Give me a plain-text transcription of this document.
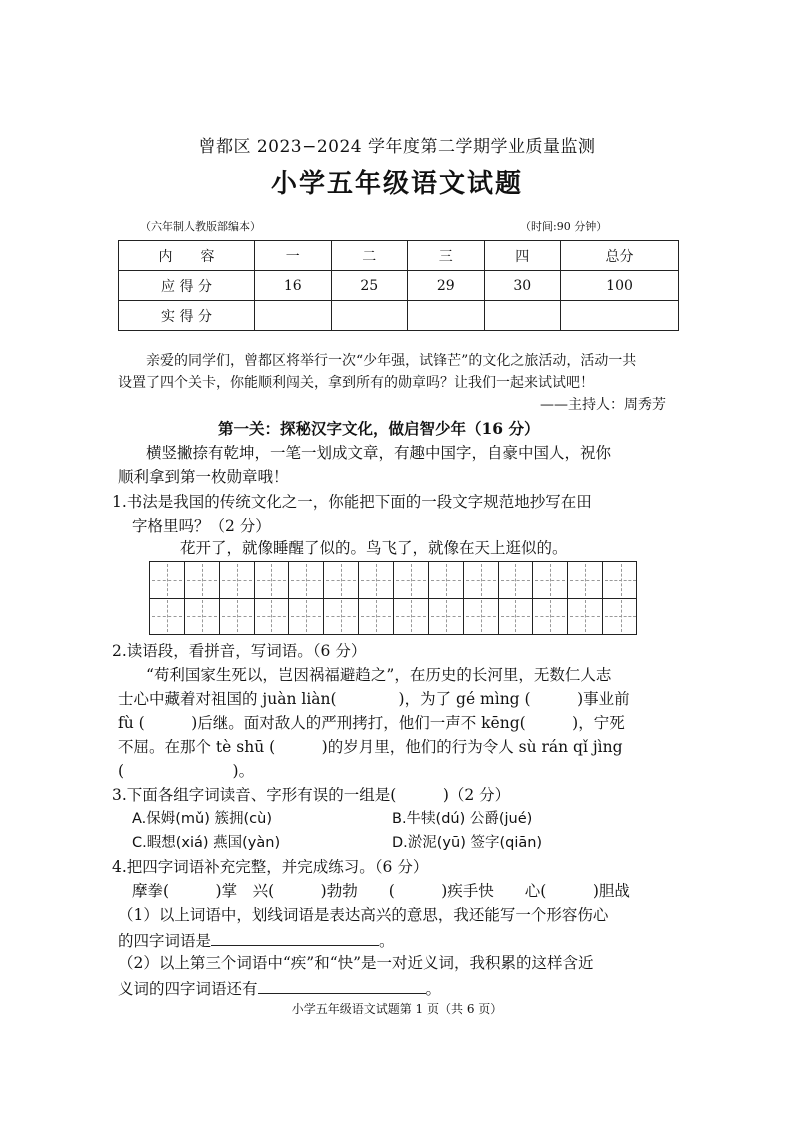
曾都区 2023−2024 学年度第二学期学业质量监测
小学五年级语文试题
（六年制人教版部编本）	（时间:90 分钟）
内　　容	一	二	三	四	总分
应 得 分	16	25	29	30	100
实 得 分					
亲爱的同学们，曾都区将举行一次“少年强，试锋芒”的文化之旅活动，活动一共
设置了四个关卡，你能顺利闯关，拿到所有的勋章吗？让我们一起来试试吧！
——主持人：周秀芳
第一关：探秘汉字文化，做启智少年（16 分）
横竖撇捺有乾坤，一笔一划成文章，有趣中国字，自豪中国人，祝你
顺利拿到第一枚勋章哦！
1.书法是我国的传统文化之一，你能把下面的一段文字规范地抄写在田
字格里吗？（2 分）
花开了，就像睡醒了似的。鸟飞了，就像在天上逛似的。
2.读语段，看拼音，写词语。（6 分）
“苟利国家生死以，岂因祸福避趋之”，在历史的长河里，无数仁人志
士心中藏着对祖国的 juàn liàn(　　　　)，为了 gé mìng (　　　)事业前
fù (　　　)后继。面对敌人的严刑拷打，他们一声不 kēng(　　　)，宁死
不屈。在那个 tè shū (　　　)的岁月里，他们的行为令人 sù rán qǐ jìng
(　　　　　　　)。
3.下面各组字词读音、字形有误的一组是(　　　)（2 分）
A.保姆(mǔ) 簇拥(cù)	B.牛犊(dú) 公爵(jué)
C.暇想(xiá) 燕国(yàn)	D.淤泥(yū) 签字(qiān)
4.把四字词语补充完整，并完成练习。（6 分）
摩拳(　　　)掌　兴(　　　)勃勃　　(　　　)疾手快　　心(　　　)胆战
（1）以上词语中，划线词语是表达高兴的意思，我还能写一个形容伤心
的四字词语是	。
（2）以上第三个词语中“疾”和“快”是一对近义词，我积累的这样含近
义词的四字词语还有	。
小学五年级语文试题第 1 页（共 6 页）
